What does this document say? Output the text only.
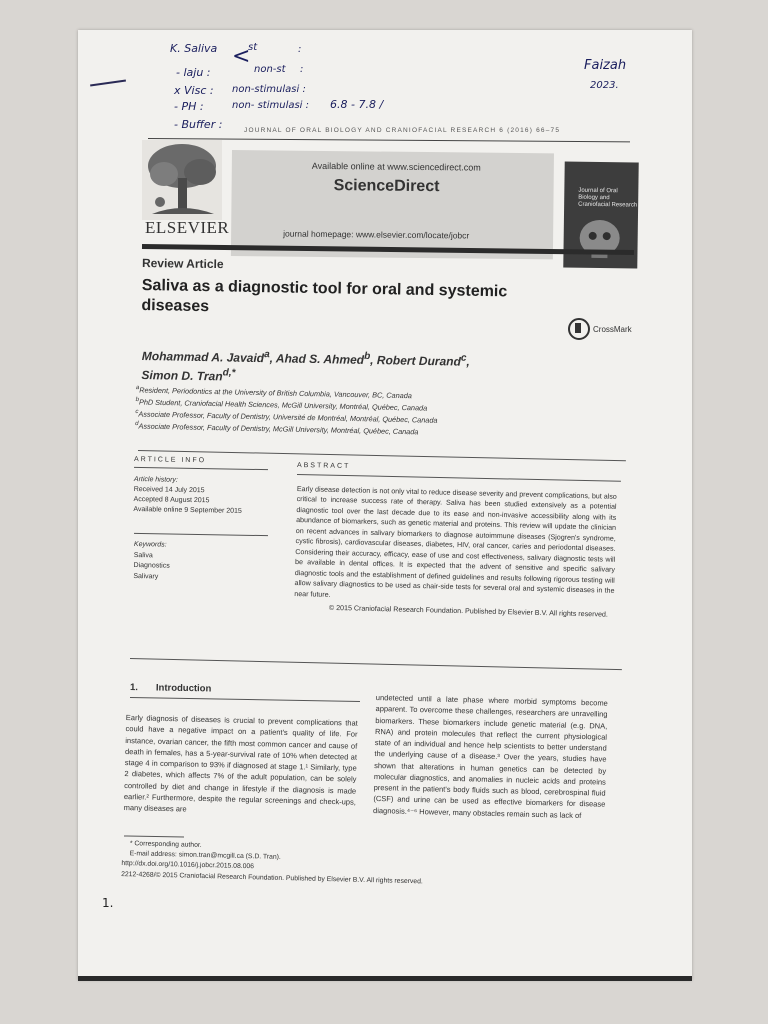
K. Saliva <
st	:
non-st :
- laju :
x Visc : non-stimulasi :
- PH :	non- stimulasi : 6.8 - 7.8 /
- Buffer :
Faizah
2023.
1.
JOURNAL OF ORAL BIOLOGY AND CRANIOFACIAL RESEARCH 6 (2016) 66–75
ELSEVIER
Available online at www.sciencedirect.com
ScienceDirect
journal homepage: www.elsevier.com/locate/jobcr
Journal of Oral Biology and Craniofacial Research
Review Article
Saliva as a diagnostic tool for oral and systemic diseases
CrossMark
Mohammad A. Javaid$^a$, Ahad S. Ahmed$^b$, Robert Durand$^c$, Simon D. Tran$^{d,*}$
$^a$Resident, Periodontics at the University of British Columbia, Vancouver, BC, Canada
$^b$PhD Student, Craniofacial Health Sciences, McGill University, Montréal, Québec, Canada
$^c$Associate Professor, Faculty of Dentistry, Université de Montréal, Montréal, Québec, Canada
$^d$Associate Professor, Faculty of Dentistry, McGill University, Montréal, Québec, Canada
ARTICLE INFO
Article history:
Received 14 July 2015
Accepted 8 August 2015
Available online 9 September 2015
Keywords:
Saliva
Diagnostics
Salivary
ABSTRACT
Early disease detection is not only vital to reduce disease severity and prevent complications, but also critical to increase success rate of therapy. Saliva has been studied extensively as a potential diagnostic tool over the last decade due to its ease and non-invasive accessibility along with its abundance of biomarkers, such as genetic material and proteins. This review will update the clinician on recent advances in salivary biomarkers to diagnose autoimmune diseases (Sjogren's syndrome, cystic fibrosis), cardiovascular diseases, diabetes, HIV, oral cancer, caries and periodontal diseases. Considering their accuracy, efficacy, ease of use and cost effectiveness, salivary diagnostic tests will be available in dental offices. It is expected that the advent of sensitive and specific salivary diagnostic tools and the establishment of defined guidelines and results following rigorous testing will allow salivary diagnostics to be used as chair-side tests for several oral and systemic diseases in the near future.
© 2015 Craniofacial Research Foundation. Published by Elsevier B.V. All rights reserved.
1. Introduction
Early diagnosis of diseases is crucial to prevent complications that could have a negative impact on a patient's quality of life. For instance, ovarian cancer, the fifth most common cancer and cause of death in females, has a 5-year-survival rate of 10% when detected at stage 4 in comparison to 93% if diagnosed at stage 1.¹ Similarly, type 2 diabetes, which affects 7% of the adult population, can be solely controlled by diet and change in lifestyle if the diagnosis is made earlier.² Furthermore, despite the regular screenings and check-ups, many diseases are
undetected until a late phase where morbid symptoms become apparent. To overcome these challenges, researchers are unravelling biomarkers. These biomarkers include genetic material (e.g. DNA, RNA) and protein molecules that reflect the current physiological state of an individual and hence help scientists to better understand the underlying cause of a disease.³ Over the years, studies have shown that alterations in human genetics can be detected by molecular diagnostics, and anomalies in nucleic acids and proteins present in the patient's body fluids such as blood, cerebrospinal fluid (CSF) and urine can be used as effective biomarkers for disease diagnosis.⁴⁻⁶ However, many obstacles remain such as lack of
* Corresponding author.
E-mail address: simon.tran@mcgill.ca (S.D. Tran).
http://dx.doi.org/10.1016/j.jobcr.2015.08.006
2212-4268/© 2015 Craniofacial Research Foundation. Published by Elsevier B.V. All rights reserved.
